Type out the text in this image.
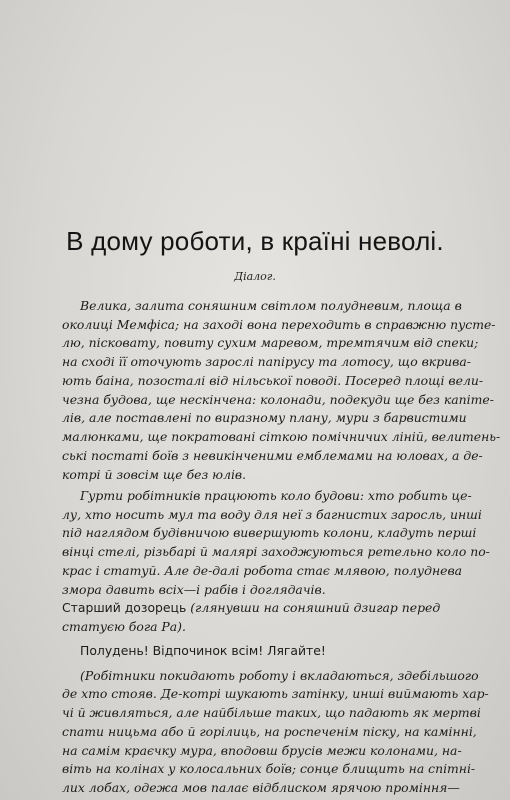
В дому роботи, в країні неволі.
Діалог.
Велика, залита соняшним світлом полудневим, площа в
околиці Мемфіса; на заході вона переходить в справжню пусте-
лю, пісковату, повиту сухим маревом, тремтячим від спеки;
на сході її оточують зарослі папірусу та лотосу, що вкрива-
ють баіна, позосталі від нільської поводі. Посеред площі вели-
чезна будова, ще нескінчена: колонади, подекуди ще без капіте-
лів, але поставлені по виразному плану, мури з барвистими
малюнками, ще пократовані сіткою помічничих ліній, велитень-
ські постаті боїв з невикінченими емблемами на юловах, а де-
котрі й зовсім ще без юлів.
Гурти робітників працюють коло будови: хто робить це-
лу, хто носить мул та воду для неї з багнистих заросль, инші
під наглядом будівничою вивершують колони, кладуть перші
вінці стелі, різьбарі й малярі заходжуються ретельно коло по-
крас і статуй. Але де-далі робота стає млявою, полуднева
змора давить всіх—і рабів і доглядачів.
Старший дозорець (глянувши на соняшний дзигар перед
статуєю бога Ра).
Полудень! Відпочинок всім! Лягайте!
(Робітники покидають роботу і вкладаються, здебільшого
де хто стояв. Де-котрі шукають затінку, инші виймають хар-
чі й живляться, але найбільше таких, що падають як мертві
спати ницьма або й горілиць, на роспеченім піску, на камінні,
на самім краєчку мура, вподовш брусів межи колонами, на-
віть на колінах у колосальних боїв; сонце блищить на спітні-
лих лобах, одежа мов палає відблиском ярячою проміння—
